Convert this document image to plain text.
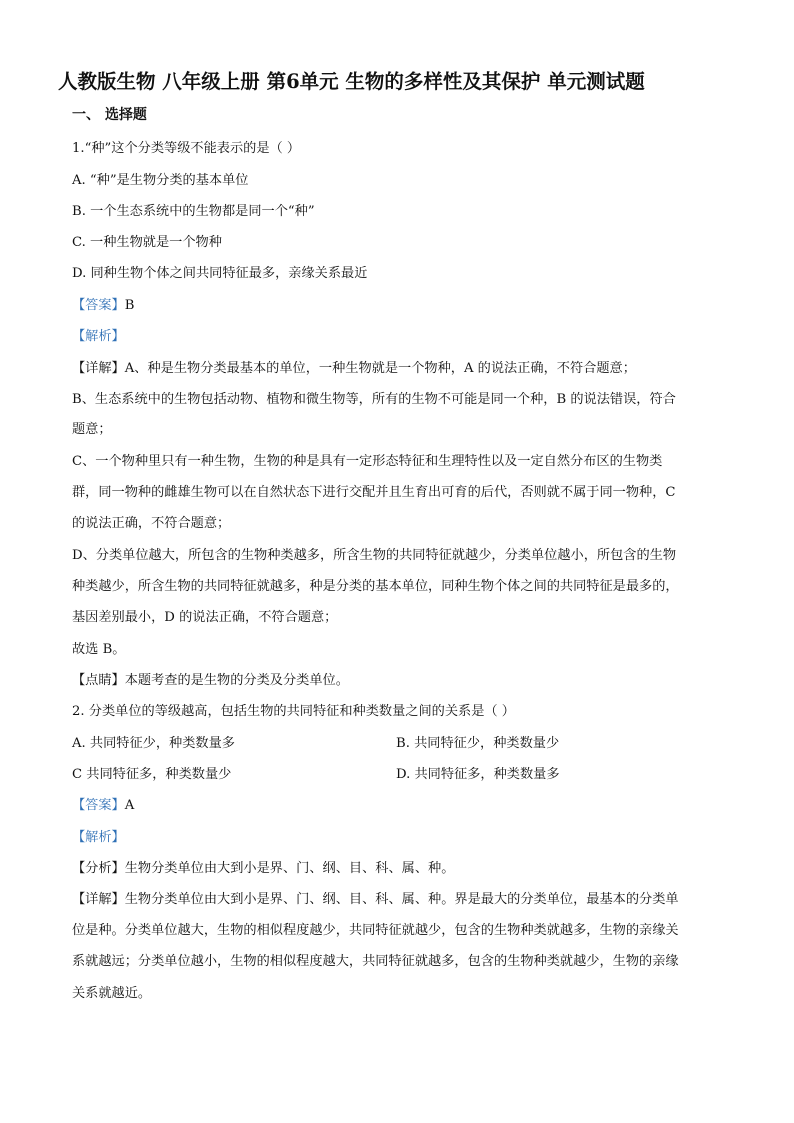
人教版生物 八年级上册 第6单元 生物的多样性及其保护 单元测试题
一、 选择题
1.“种”这个分类等级不能表示的是（ ）
A. “种”是生物分类的基本单位
B. 一个生态系统中的生物都是同一个“种”
C. 一种生物就是一个物种
D. 同种生物个体之间共同特征最多，亲缘关系最近
【答案】B
【解析】
【详解】A、种是生物分类最基本的单位，一种生物就是一个物种，A 的说法正确，不符合题意；
B、生态系统中的生物包括动物、植物和微生物等，所有的生物不可能是同一个种，B 的说法错误，符合
题意；
C、一个物种里只有一种生物，生物的种是具有一定形态特征和生理特性以及一定自然分布区的生物类
群，同一物种的雌雄生物可以在自然状态下进行交配并且生育出可育的后代，否则就不属于同一物种，C
的说法正确，不符合题意；
D、分类单位越大，所包含的生物种类越多，所含生物的共同特征就越少，分类单位越小，所包含的生物
种类越少，所含生物的共同特征就越多，种是分类的基本单位，同种生物个体之间的共同特征是最多的，
基因差别最小，D 的说法正确，不符合题意；
故选 B。
【点睛】本题考查的是生物的分类及分类单位。
2. 分类单位的等级越高，包括生物的共同特征和种类数量之间的关系是（ ）
A. 共同特征少，种类数量多	B. 共同特征少，种类数量少
C 共同特征多，种类数量少	D. 共同特征多，种类数量多
【答案】A
【解析】
【分析】生物分类单位由大到小是界、门、纲、目、科、属、种。
【详解】生物分类单位由大到小是界、门、纲、目、科、属、种。界是最大的分类单位，最基本的分类单
位是种。分类单位越大，生物的相似程度越少，共同特征就越少，包含的生物种类就越多，生物的亲缘关
系就越远；分类单位越小，生物的相似程度越大，共同特征就越多，包含的生物种类就越少，生物的亲缘
关系就越近。
